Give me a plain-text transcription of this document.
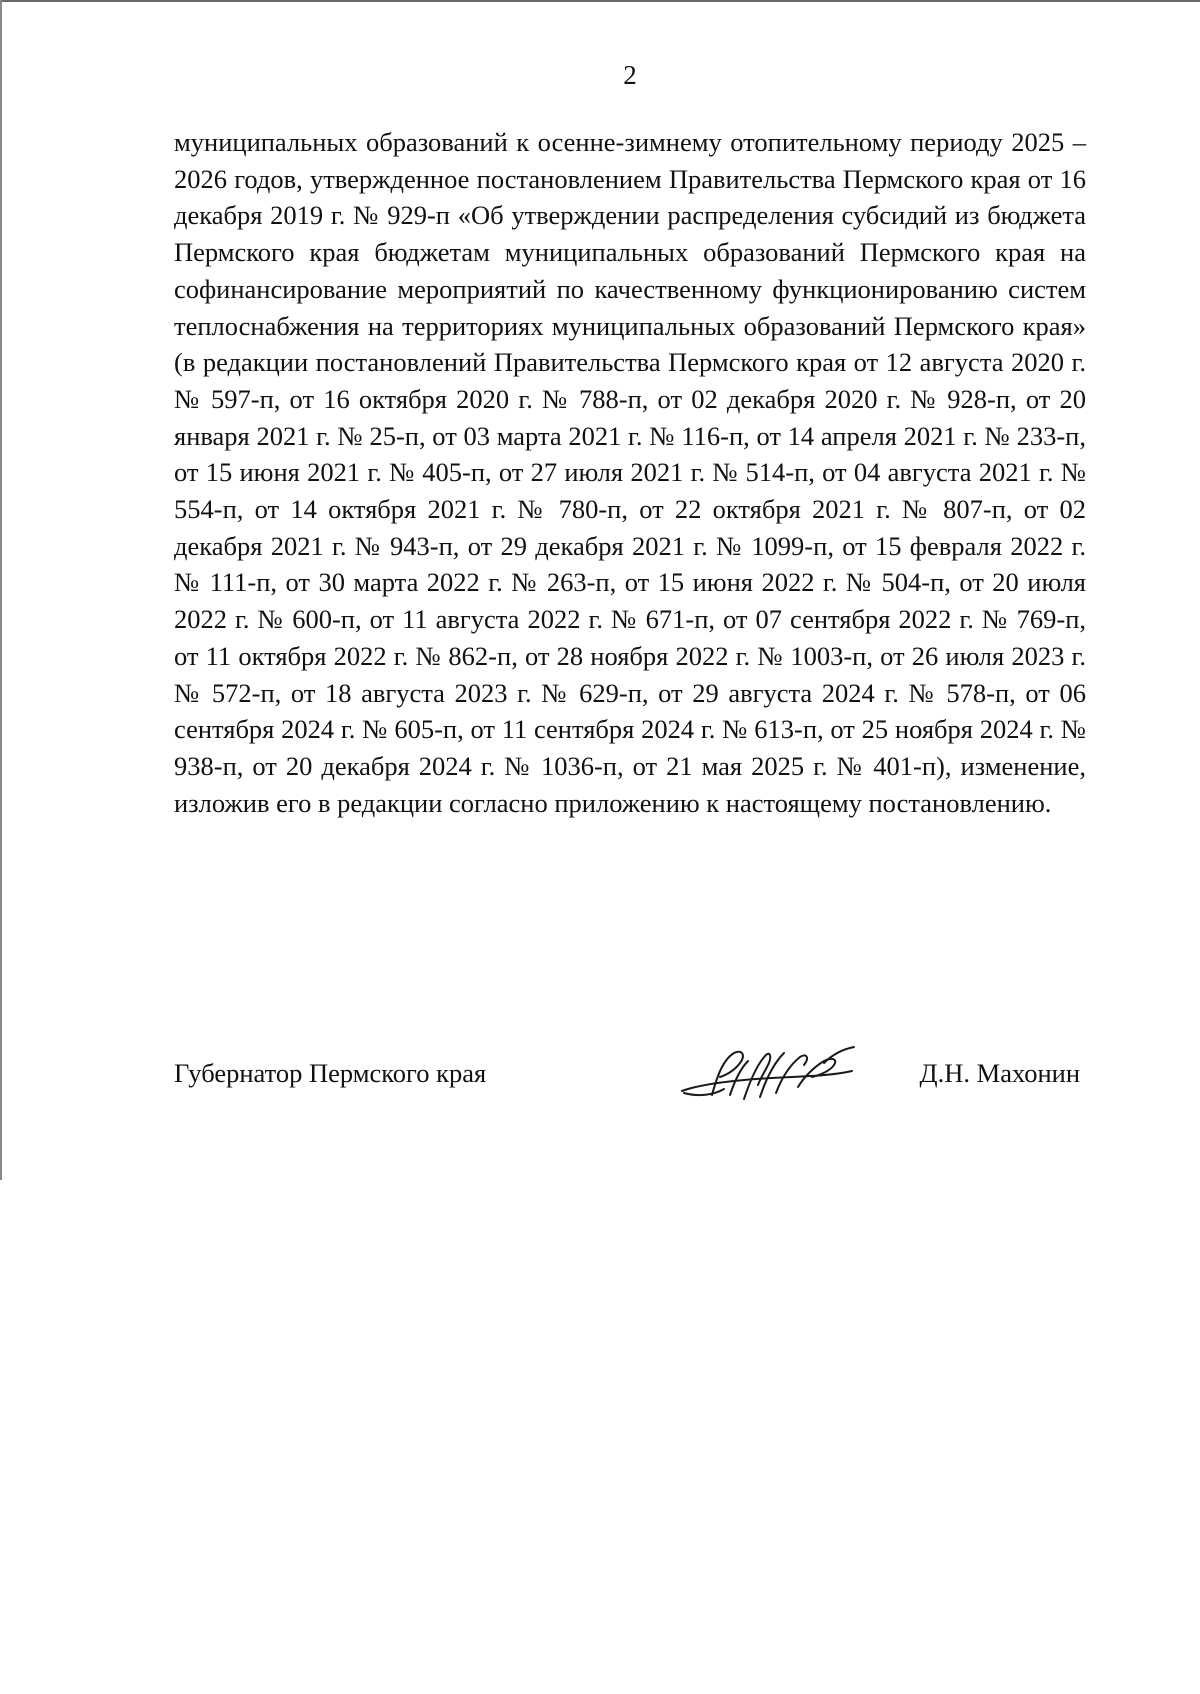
2

муниципальных образований к осенне-зимнему отопительному периоду 2025 – 2026 годов, утвержденное постановлением Правительства Пермского края от 16 декабря 2019 г. № 929-п «Об утверждении распределения субсидий из бюджета Пермского края бюджетам муниципальных образований Пермского края на софинансирование мероприятий по качественному функционированию систем теплоснабжения на территориях муниципальных образований Пермского края» (в редакции постановлений Правительства Пермского края от 12 августа 2020 г. № 597-п, от 16 октября 2020 г. № 788-п, от 02 декабря 2020 г. № 928-п, от 20 января 2021 г. № 25-п, от 03 марта 2021 г. № 116-п, от 14 апреля 2021 г. № 233-п, от 15 июня 2021 г. № 405-п, от 27 июля 2021 г. № 514-п, от 04 августа 2021 г. № 554-п, от 14 октября 2021 г. № 780-п, от 22 октября 2021 г. № 807-п, от 02 декабря 2021 г. № 943-п, от 29 декабря 2021 г. № 1099-п, от 15 февраля 2022 г. № 111-п, от 30 марта 2022 г. № 263-п, от 15 июня 2022 г. № 504-п, от 20 июля 2022 г. № 600-п, от 11 августа 2022 г. № 671-п, от 07 сентября 2022 г. № 769-п, от 11 октября 2022 г. № 862-п, от 28 ноября 2022 г. № 1003-п, от 26 июля 2023 г. № 572-п, от 18 августа 2023 г. № 629-п, от 29 августа 2024 г. № 578-п, от 06 сентября 2024 г. № 605-п, от 11 сентября 2024 г. № 613-п, от 25 ноября 2024 г. № 938-п, от 20 декабря 2024 г. № 1036-п, от 21 мая 2025 г. № 401-п), изменение, изложив его в редакции согласно приложению к настоящему постановлению.

Губернатор Пермского края	Д.Н. Махонин
